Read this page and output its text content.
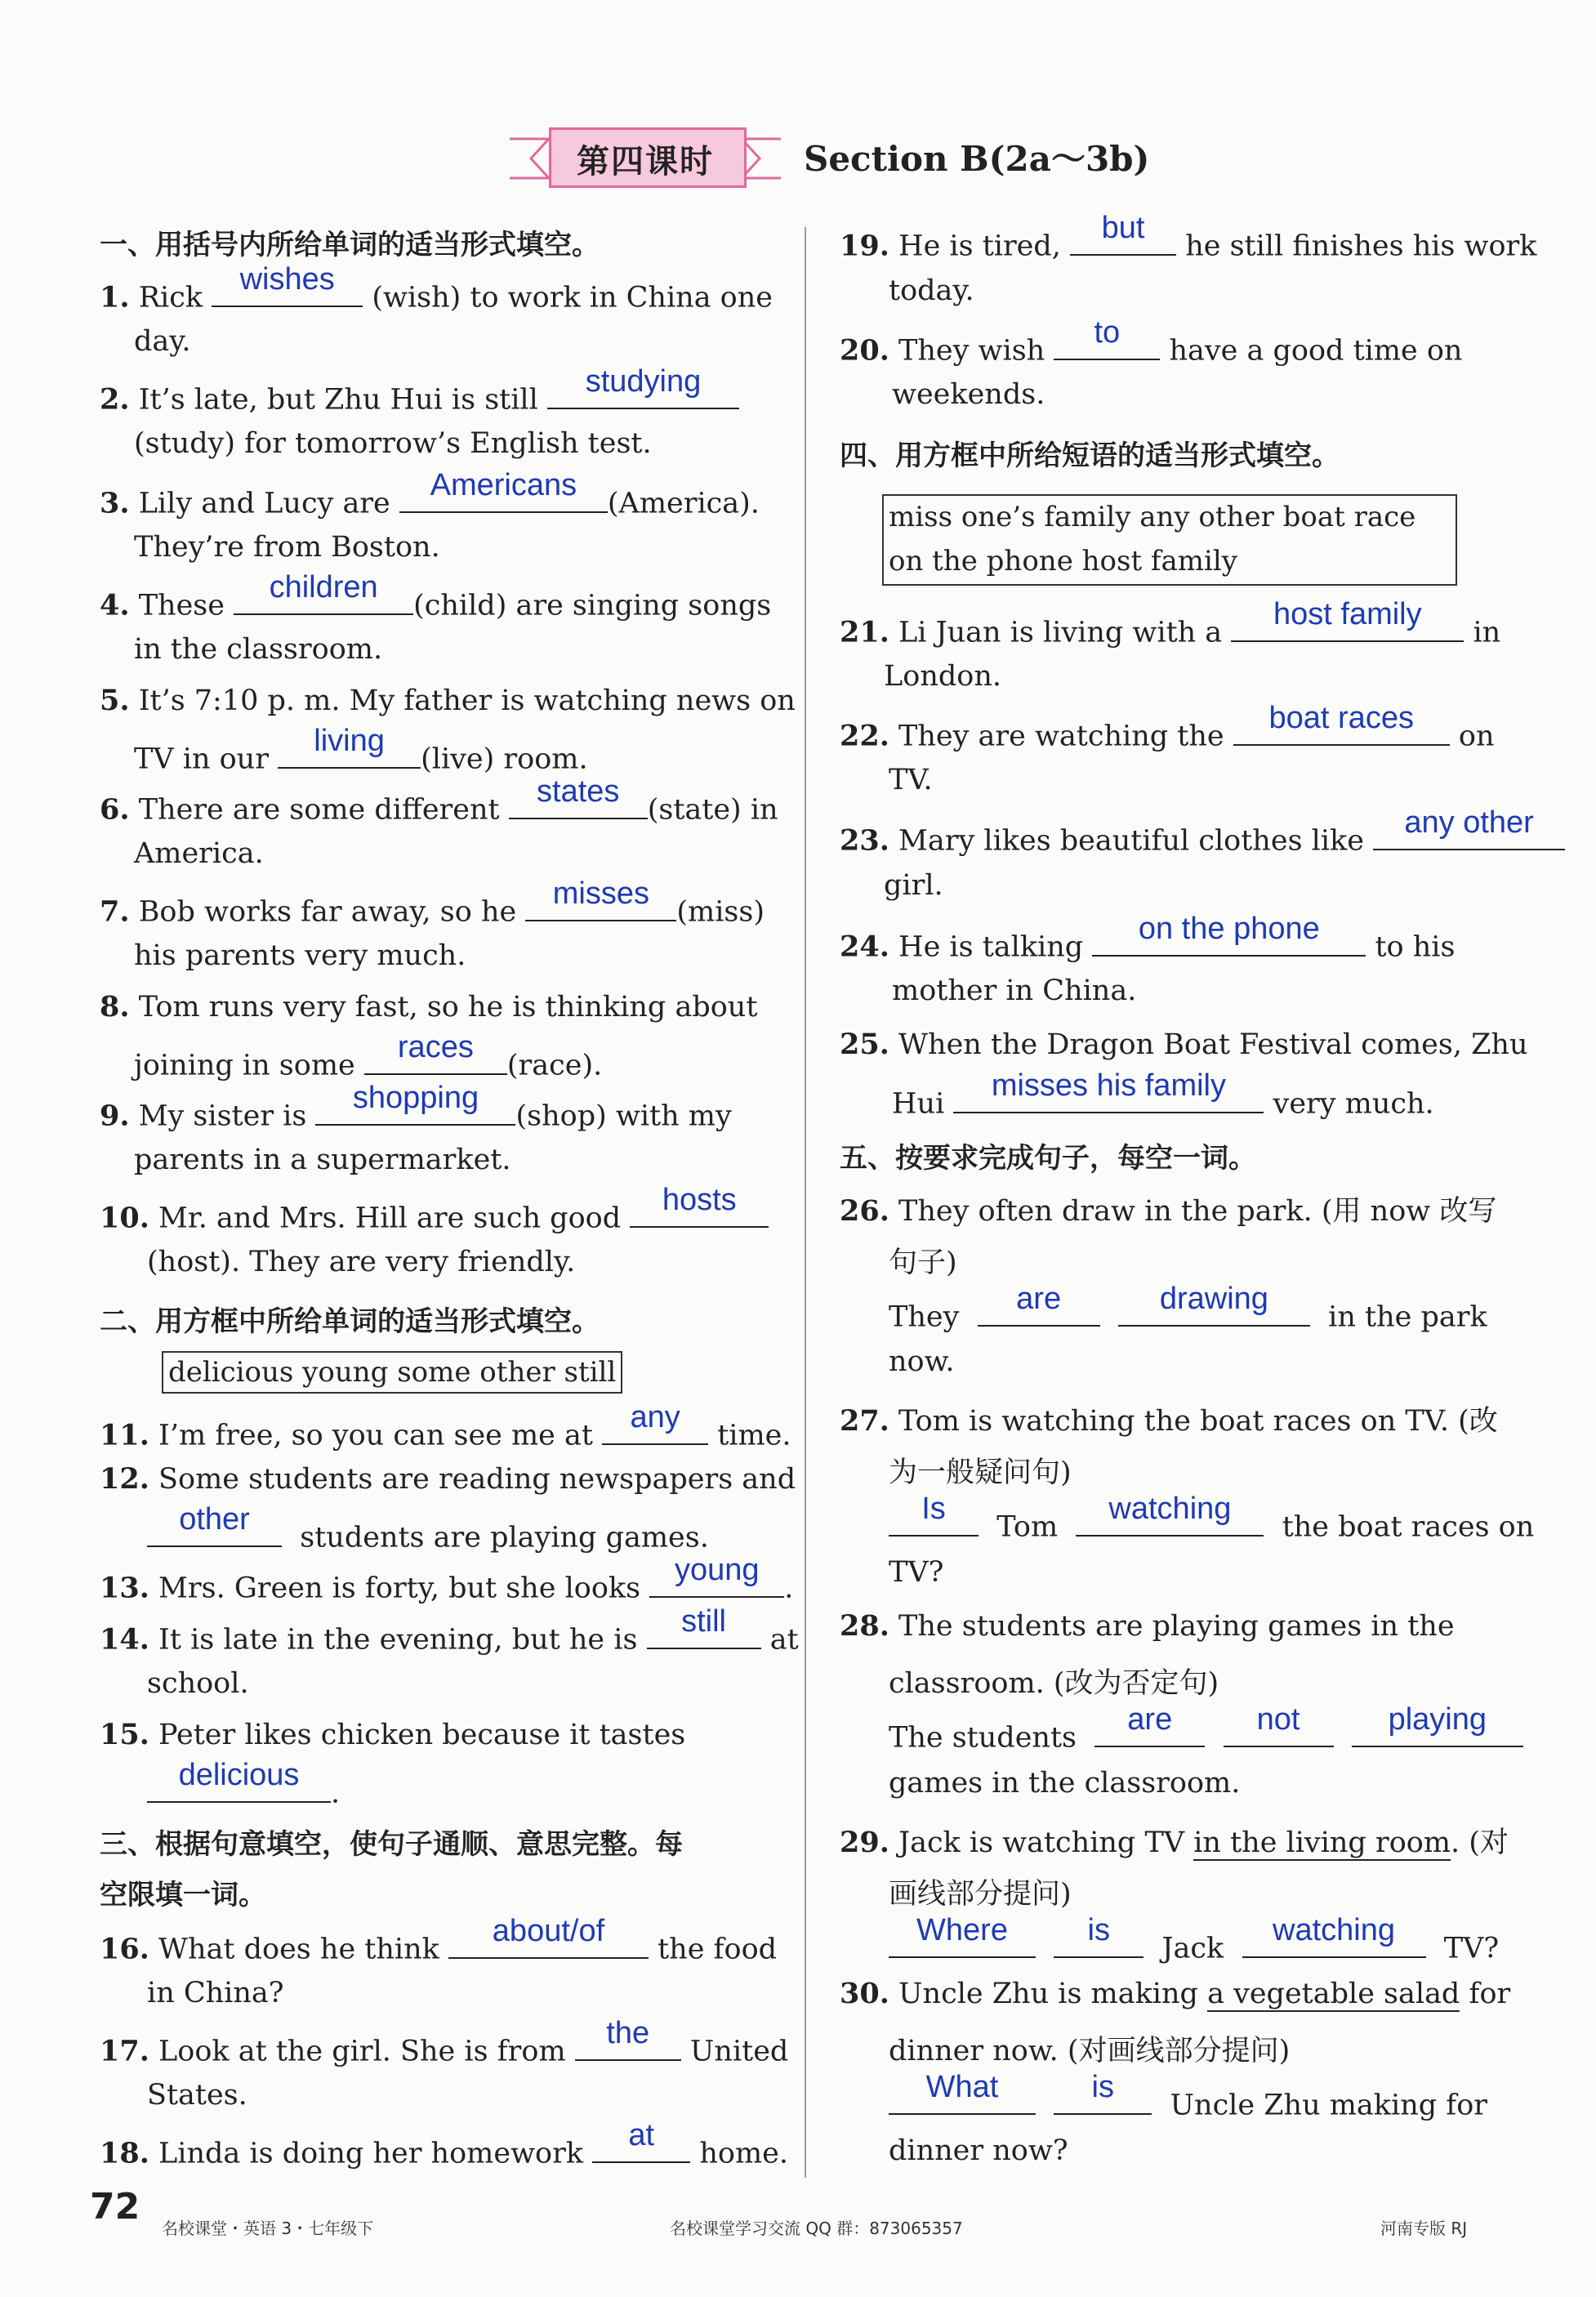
第四课时	Section B(2a～3b)
一、用括号内所给单词的适当形式填空。
1. Rick
wishes
(wish) to work in China one
day.
2. It’s late, but Zhu Hui is still
studying
(study) for tomorrow’s English test.
3. Lily and Lucy are
Americans
(America).
They’re from Boston.
4. These
children
(child) are singing songs
in the classroom.
5. It’s 7:10 p. m. My father is watching news on
TV in our
living
(live) room.
6. There are some different
states
(state) in
America.
7. Bob works far away, so he
misses
(miss)
his parents very much.
8. Tom runs very fast, so he is thinking about
joining in some
races
(race).
9. My sister is
shopping
(shop) with my
parents in a supermarket.
10. Mr. and Mrs. Hill are such good
hosts
(host). They are very friendly.
二、用方框中所给单词的适当形式填空。
delicious young some other still
11. I’m free, so you can see me at
any
time.
12. Some students are reading newspapers and
other
students are playing games.
13. Mrs. Green is forty, but she looks
young
.
14. It is late in the evening, but he is
still
at
school.
15. Peter likes chicken because it tastes
delicious
.
三、根据句意填空，使句子通顺、意思完整。每
空限填一词。
16. What does he think
about/of
the food
in China?
17. Look at the girl. She is from
the
United
States.
18. Linda is doing her homework
at
home.
19. He is tired,
but
he still finishes his work
today.
20. They wish
to
have a good time on
weekends.
四、用方框中所给短语的适当形式填空。
miss one’s family any other boat race
on the phone host family
21. Li Juan is living with a
host family
in
London.
22. They are watching the
boat races
on
TV.
23. Mary likes beautiful clothes like
any other
girl.
24. He is talking
on the phone
to his
mother in China.
25. When the Dragon Boat Festival comes, Zhu
Hui
misses his family
very much.
五、按要求完成句子，每空一词。
26. They often draw in the park. (用 now 改写
句子)
They
are
	drawing
in the park
now.
27. Tom is watching the boat races on TV. (改
为一般疑问句)
Is
Tom
watching
the boat races on
TV?
28. The students are playing games in the
classroom. (改为否定句)
The students
are
	not
	playing
games in the classroom.
29. Jack is watching TV in the living room. (对
画线部分提问)
Where
	is
Jack
watching
TV?
30. Uncle Zhu is making a vegetable salad for
dinner now. (对画线部分提问)
What
	is
Uncle Zhu making for
dinner now?
72
名校课堂・英语 3・七年级下	名校课堂学习交流 QQ 群：873065357	河南专版 RJ
